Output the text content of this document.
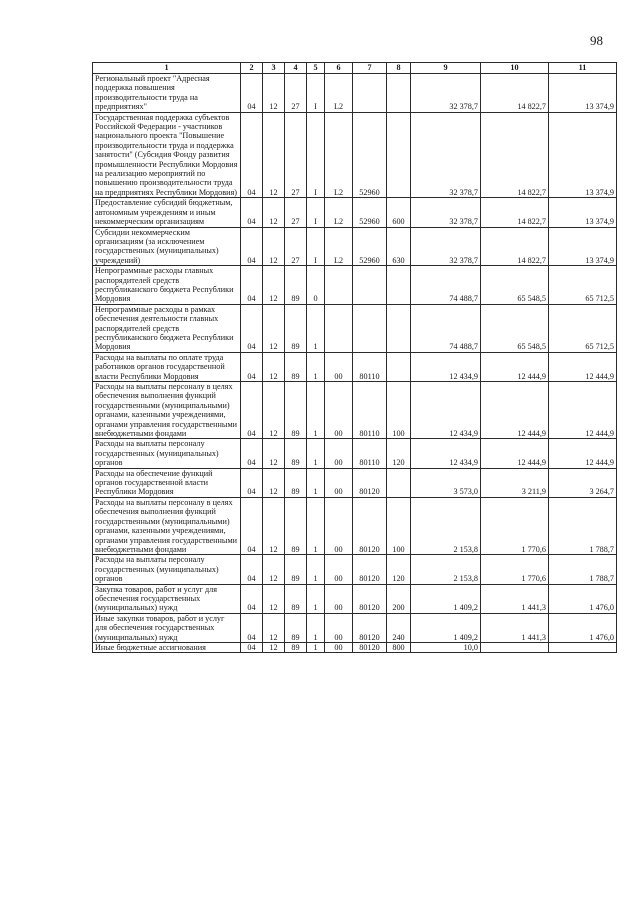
98
1	2	3	4	5	6	7	8	9	10	11
Региональный проект "Адресная поддержка повышения производительности труда на предприятиях"	04	12	27	I	L2			32 378,7	14 822,7	13 374,9
Государственная поддержка субъектов Российской Федерации - участников национального проекта "Повышение производительности труда и поддержка занятости" (Субсидия Фонду развития промышленности Республики Мордовия на реализацию мероприятий по повышению производительности труда на предприятиях Республики Мордовия)	04	12	27	I	L2	52960		32 378,7	14 822,7	13 374,9
Предоставление субсидий бюджетным, автономным учреждениям и иным некоммерческим организациям	04	12	27	I	L2	52960	600	32 378,7	14 822,7	13 374,9
Субсидии некоммерческим организациям (за исключением государственных (муниципальных) учреждений)	04	12	27	I	L2	52960	630	32 378,7	14 822,7	13 374,9
Непрограммные расходы главных распорядителей средств республиканского бюджета Республики Мордовия	04	12	89	0				74 488,7	65 548,5	65 712,5
Непрограммные расходы в рамках обеспечения деятельности главных распорядителей средств республиканского бюджета Республики Мордовия	04	12	89	1				74 488,7	65 548,5	65 712,5
Расходы на выплаты по оплате труда работников органов государственной власти Республики Мордовия	04	12	89	1	00	80110		12 434,9	12 444,9	12 444,9
Расходы на выплаты персоналу в целях обеспечения выполнения функций государственными (муниципальными) органами, казенными учреждениями, органами управления государственными внебюджетными фондами	04	12	89	1	00	80110	100	12 434,9	12 444,9	12 444,9
Расходы на выплаты персоналу государственных (муниципальных) органов	04	12	89	1	00	80110	120	12 434,9	12 444,9	12 444,9
Расходы на обеспечение функций органов государственной власти Республики Мордовия	04	12	89	1	00	80120		3 573,0	3 211,9	3 264,7
Расходы на выплаты персоналу в целях обеспечения выполнения функций государственными (муниципальными) органами, казенными учреждениями, органами управления государственными внебюджетными фондами	04	12	89	1	00	80120	100	2 153,8	1 770,6	1 788,7
Расходы на выплаты персоналу государственных (муниципальных) органов	04	12	89	1	00	80120	120	2 153,8	1 770,6	1 788,7
Закупка товаров, работ и услуг для обеспечения государственных (муниципальных) нужд	04	12	89	1	00	80120	200	1 409,2	1 441,3	1 476,0
Иные закупки товаров, работ и услуг для обеспечения государственных (муниципальных) нужд	04	12	89	1	00	80120	240	1 409,2	1 441,3	1 476,0
Иные бюджетные ассигнования	04	12	89	1	00	80120	800	10,0		
